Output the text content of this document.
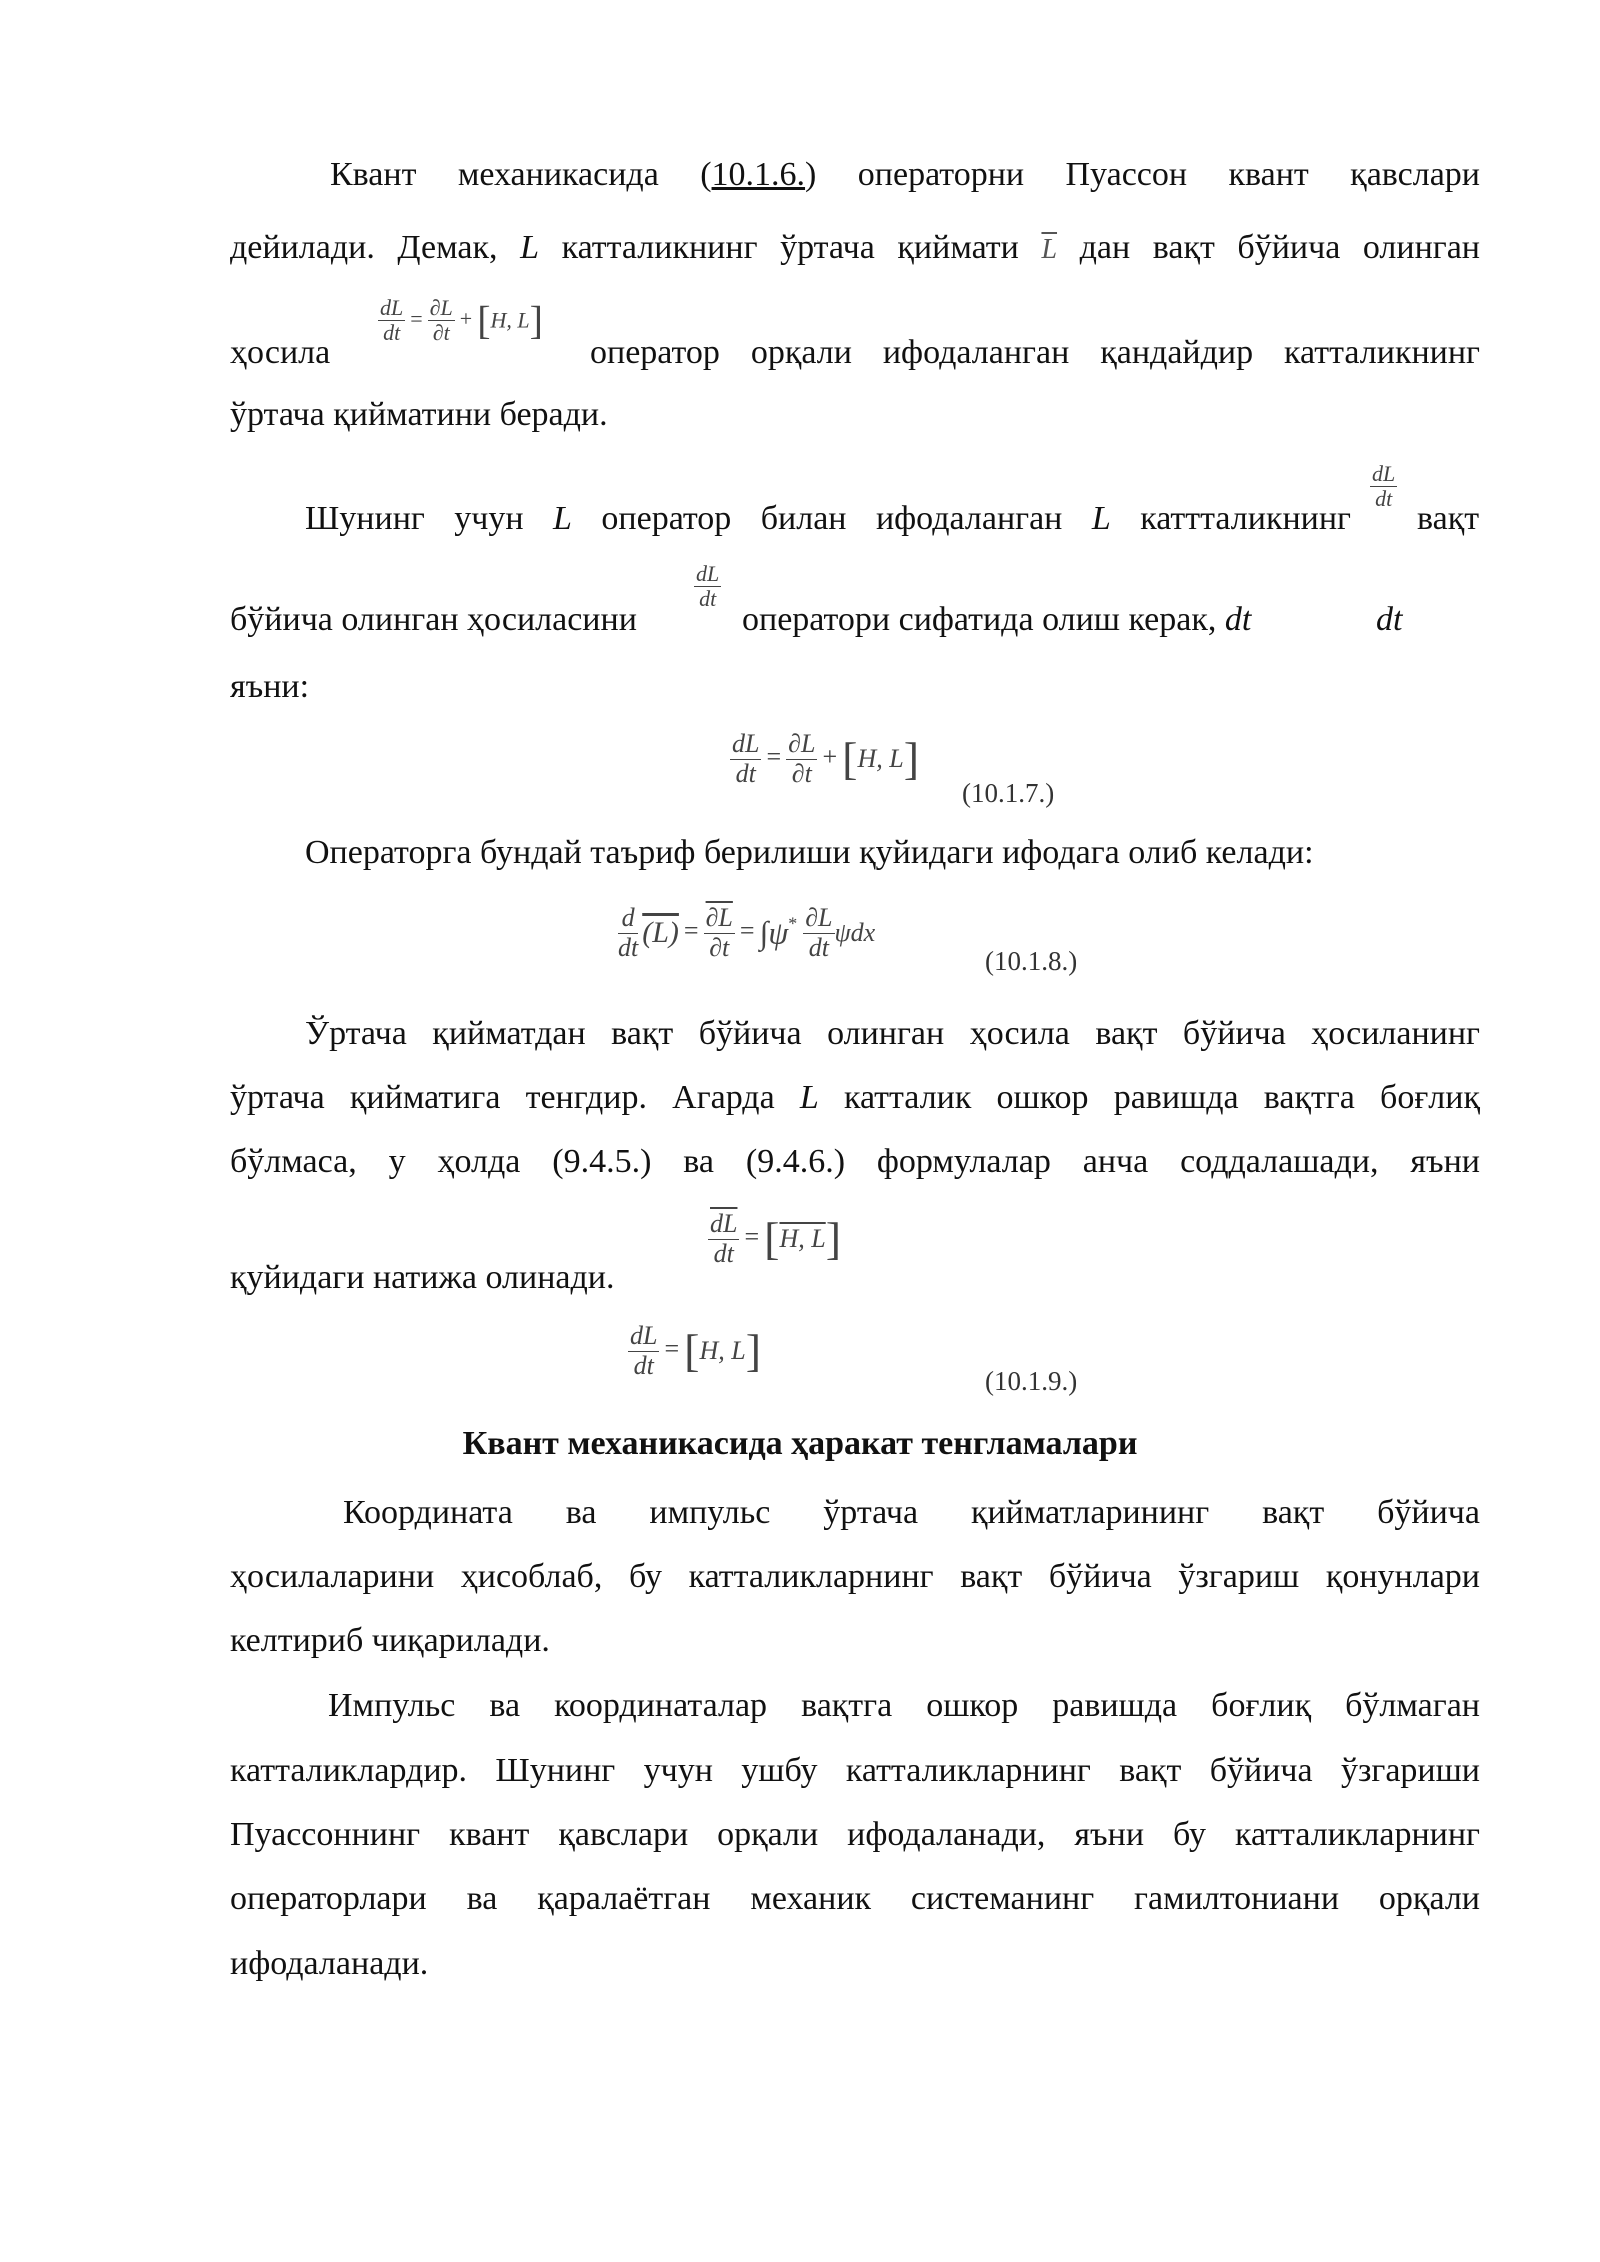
Квант механикасида (10.1.6.) операторни Пуассон квант қавслари
дейилади. Демак, L катталикнинг ўртача қиймати $\overline{L}$ дан вақт бўйича олинган
ҳосила
$\frac{dL}{dt} = \frac{\partial L}{\partial t} + [H$, L]
оператор орқали ифодаланган қандайдир катталикнинг
ўртача қийматини беради.
Шунинг учун L оператор билан ифодаланган L каттталикнинг
$\frac{dL}{dt}$
вақт
бўйича олинган ҳосиласини
$\frac{dL}{dt}$
оператори сифатида олиш керак, dt	dt
яъни:
$\frac{dL}{dt} = \frac{\partial L}{\partial t} + [H$, L]
(10.1.7.)
Операторга бундай таъриф берилиши қуйидаги ифодага олиб келади:
$\frac{d}{dt} (L) = \frac{\partial L}{\partial t} = \int\psi^* \frac{\partial L}{dt}$ ψdx
(10.1.8.)
Ўртача қийматдан вақт бўйича олинган ҳосила вақт бўйича ҳосиланинг
ўртача қийматига тенгдир. Агарда L катталик ошкор равишда вақтга боғлиқ
бўлмаса, у ҳолда (9.4.5.) ва (9.4.6.) формулалар анча соддалашади, яъни
қуйидаги натижа олинади.
$\frac{\overline{dL}}{dt} = [H$, L]
$\frac{dL}{dt} = [H$, L]
(10.1.9.)
Квант механикасида ҳаракат тенгламалари
Координата ва импульс ўртача қийматларининг вақт бўйича
ҳосилаларини ҳисоблаб, бу катталикларнинг вақт бўйича ўзгариш қонунлари
келтириб чиқарилади.
Импульс ва координаталар вақтга ошкор равишда боғлиқ бўлмаган
катталиклардир. Шунинг учун ушбу катталикларнинг вақт бўйича ўзгариши
Пуассоннинг квант қавслари орқали ифодаланади, яъни бу катталикларнинг
операторлари ва қаралаётган механик системанинг гамилтониани орқали
ифодаланади.
